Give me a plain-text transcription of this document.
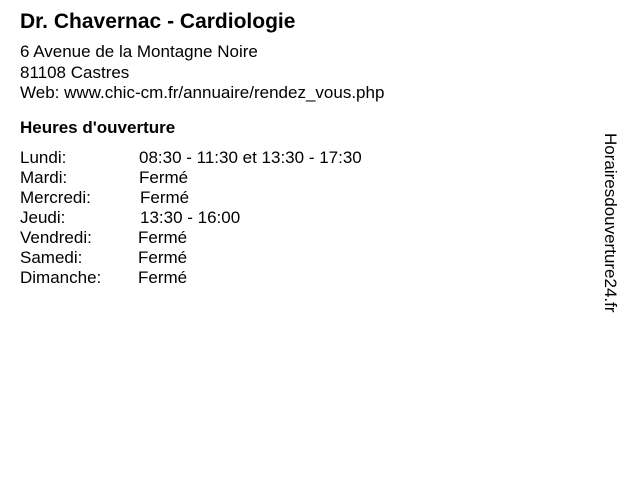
Dr. Chavernac - Cardiologie
6 Avenue de la Montagne Noire
81108 Castres
Web: www.chic-cm.fr/annuaire/rendez_vous.php
Heures d'ouverture
Lundi:	08:30 - 11:30 et 13:30 - 17:30
Mardi:	Fermé
Mercredi:	Fermé
Jeudi:	13:30 - 16:00
Vendredi:	Fermé
Samedi:	Fermé
Dimanche: Fermé	Horairesdouverture24.fr
